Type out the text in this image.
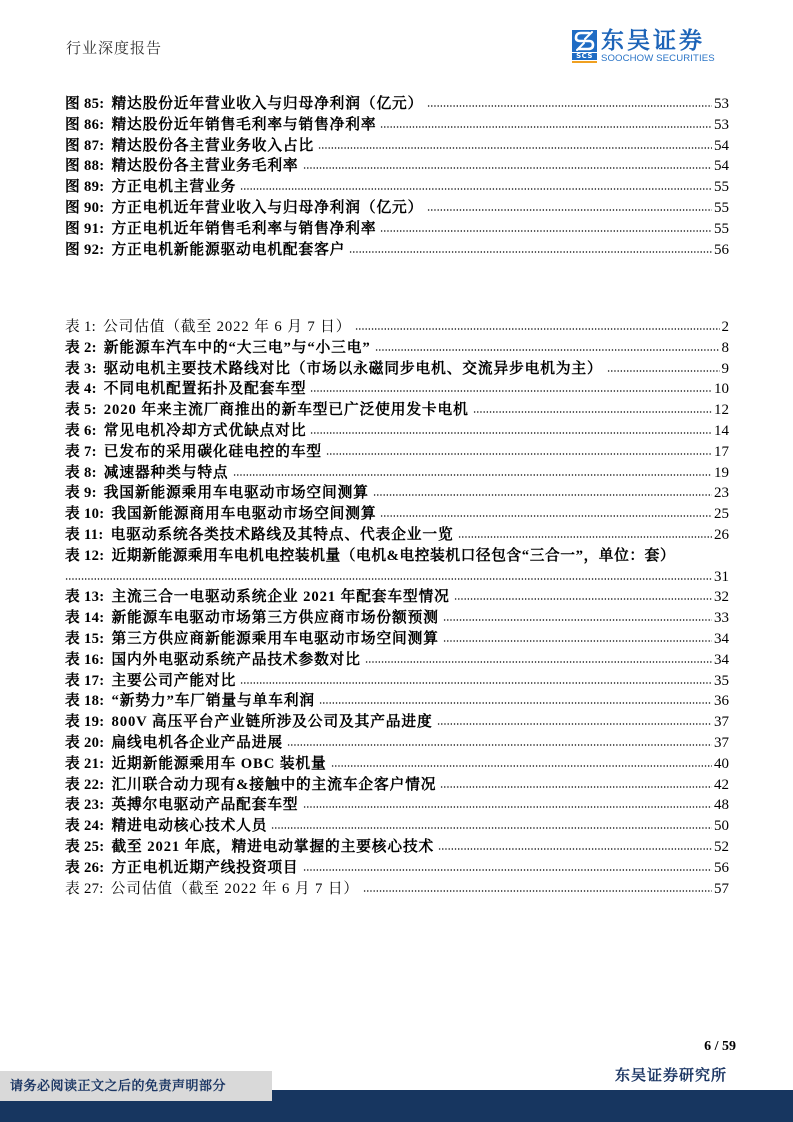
行业深度报告	SCS
东吴证券
SOOCHOW SECURITIES
图 85: 精达股份近年营业收入与归母净利润（亿元）	53
图 86: 精达股份近年销售毛利率与销售净利率	53
图 87: 精达股份各主营业务收入占比	54
图 88: 精达股份各主营业务毛利率	54
图 89: 方正电机主营业务	55
图 90: 方正电机近年营业收入与归母净利润（亿元）	55
图 91: 方正电机近年销售毛利率与销售净利率	55
图 92: 方正电机新能源驱动电机配套客户	56
表 1: 公司估值（截至 2022 年 6 月 7 日）	2
表 2: 新能源车汽车中的“大三电”与“小三电”	8
表 3: 驱动电机主要技术路线对比（市场以永磁同步电机、交流异步电机为主）	9
表 4: 不同电机配置拓扑及配套车型	10
表 5: 2020 年来主流厂商推出的新车型已广泛使用发卡电机	12
表 6: 常见电机冷却方式优缺点对比	14
表 7: 已发布的采用碳化硅电控的车型	17
表 8: 减速器种类与特点	19
表 9: 我国新能源乘用车电驱动市场空间测算	23
表 10: 我国新能源商用车电驱动市场空间测算	25
表 11: 电驱动系统各类技术路线及其特点、代表企业一览	26
表 12: 近期新能源乘用车电机电控装机量（电机&电控装机口径包含“三合一”，单位：套）
31
表 13: 主流三合一电驱动系统企业 2021 年配套车型情况	32
表 14: 新能源车电驱动市场第三方供应商市场份额预测	33
表 15: 第三方供应商新能源乘用车电驱动市场空间测算	34
表 16: 国内外电驱动系统产品技术参数对比	34
表 17: 主要公司产能对比	35
表 18: “新势力”车厂销量与单车利润	36
表 19: 800V 高压平台产业链所涉及公司及其产品进度	37
表 20: 扁线电机各企业产品进展	37
表 21: 近期新能源乘用车 OBC 装机量	40
表 22: 汇川联合动力现有&接触中的主流车企客户情况	42
表 23: 英搏尔电驱动产品配套车型	48
表 24: 精进电动核心技术人员	50
表 25: 截至 2021 年底，精进电动掌握的主要核心技术	52
表 26: 方正电机近期产线投资项目	56
表 27: 公司估值（截至 2022 年 6 月 7 日）	57
6 / 59
东吴证券研究所
请务必阅读正文之后的免责声明部分
